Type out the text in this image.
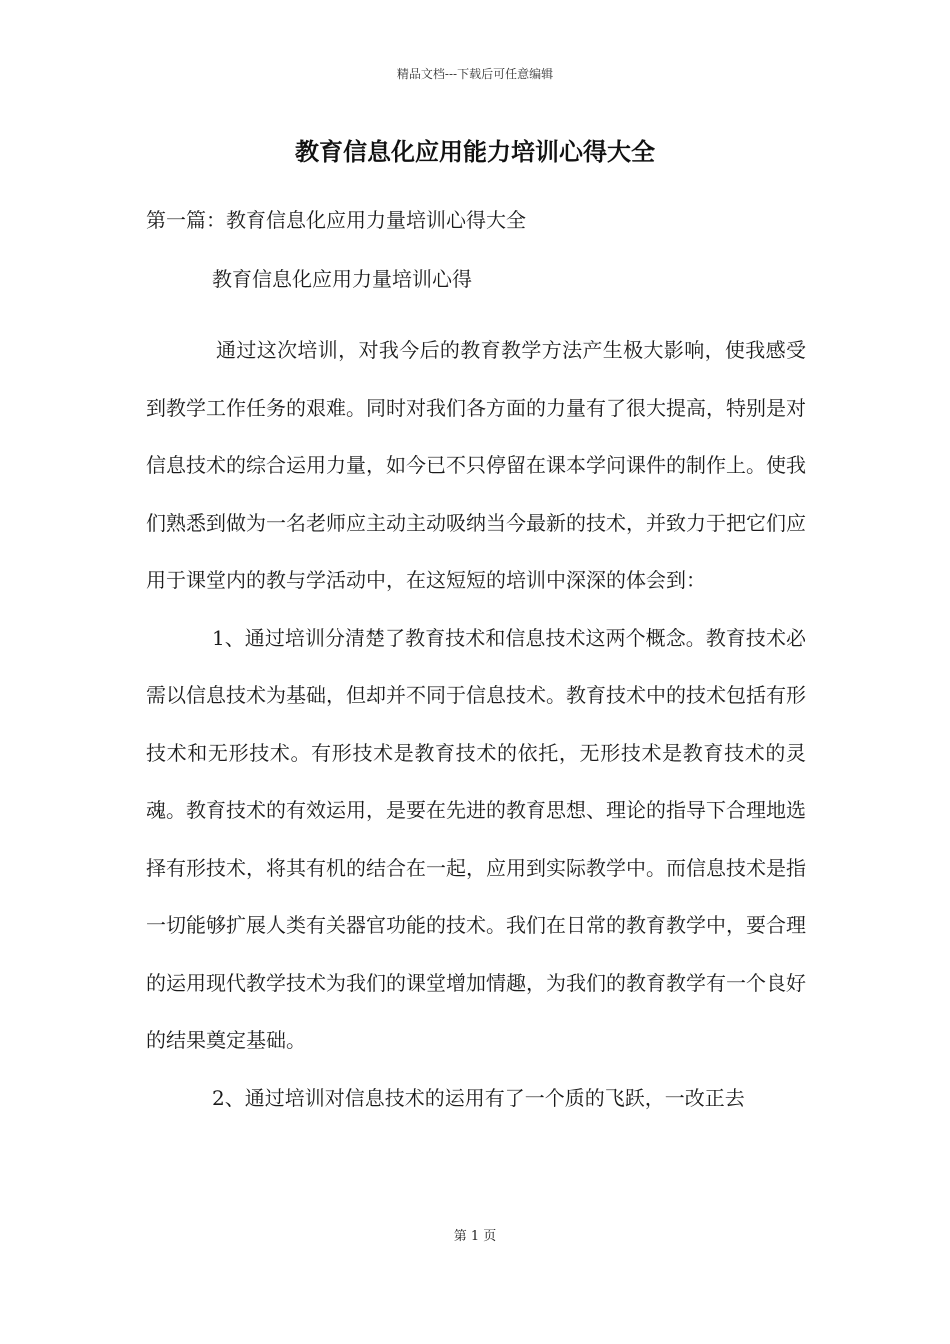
精品文档---下载后可任意编辑
教育信息化应用能力培训心得大全
第一篇：教育信息化应用力量培训心得大全
教育信息化应用力量培训心得

通过这次培训，对我今后的教育教学方法产生极大影响，使我感受到教学工作任务的艰难。同时对我们各方面的力量有了很大提高，特别是对信息技术的综合运用力量，如今已不只停留在课本学问课件的制作上。使我们熟悉到做为一名老师应主动主动吸纳当今最新的技术，并致力于把它们应用于课堂内的教与学活动中，在这短短的培训中深深的体会到：

1、通过培训分清楚了教育技术和信息技术这两个概念。教育技术必需以信息技术为基础，但却并不同于信息技术。教育技术中的技术包括有形技术和无形技术。有形技术是教育技术的依托，无形技术是教育技术的灵魂。教育技术的有效运用，是要在先进的教育思想、理论的指导下合理地选择有形技术，将其有机的结合在一起，应用到实际教学中。而信息技术是指一切能够扩展人类有关器官功能的技术。我们在日常的教育教学中，要合理的运用现代教学技术为我们的课堂增加情趣，为我们的教育教学有一个良好的结果奠定基础。

2、通过培训对信息技术的运用有了一个质的飞跃，一改正去

第 1 页
